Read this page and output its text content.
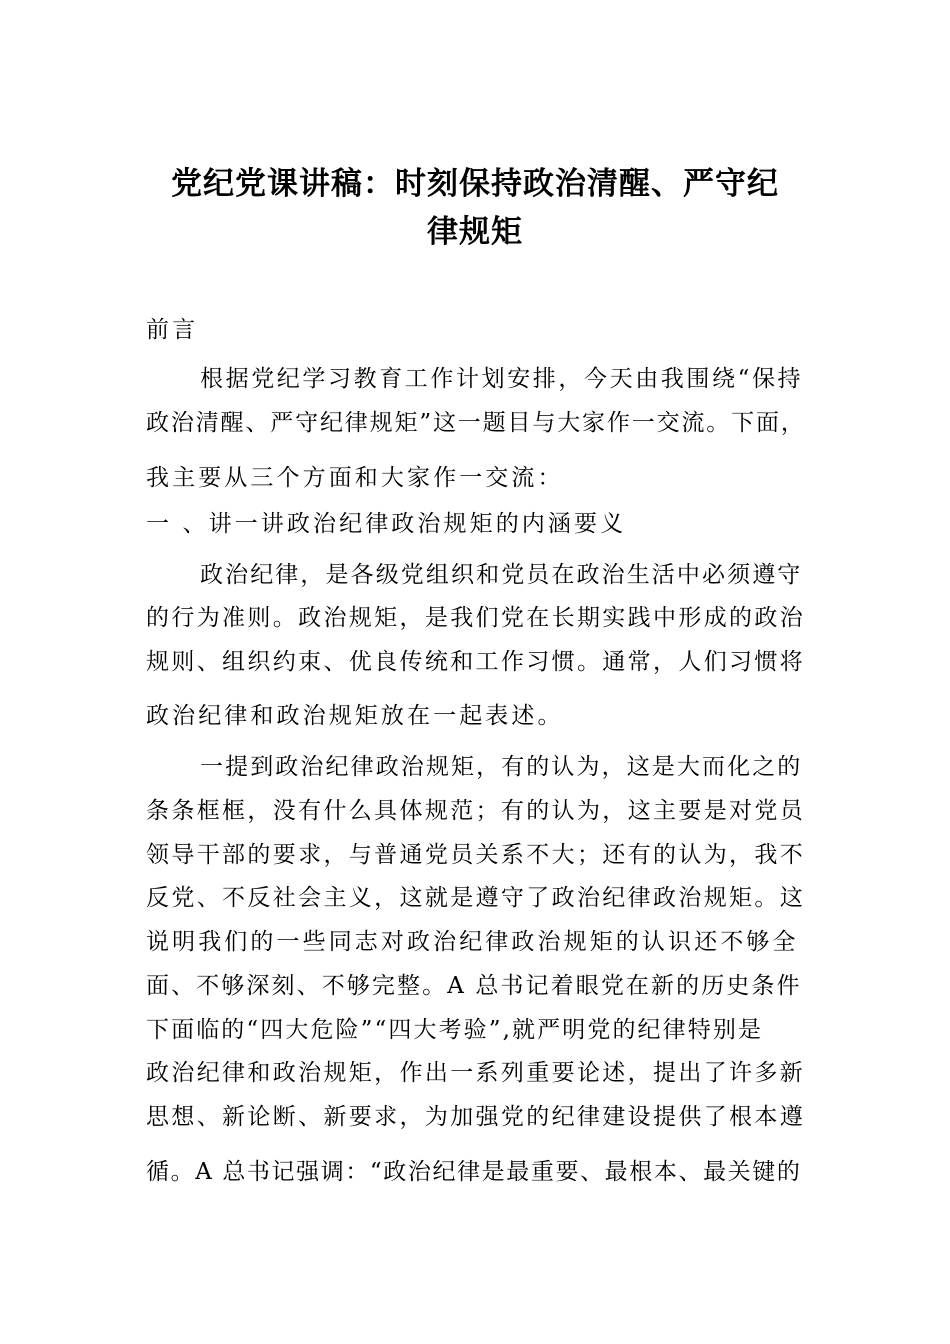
党纪党课讲稿：时刻保持政治清醒、严守纪
律规矩
前言
根据党纪学习教育工作计划安排，今天由我围绕“保持
政治清醒、严守纪律规矩”这一题目与大家作一交流。下面，
我主要从三个方面和大家作一交流：
一 、讲一讲政治纪律政治规矩的内涵要义
政治纪律，是各级党组织和党员在政治生活中必须遵守
的行为准则。政治规矩，是我们党在长期实践中形成的政治
规则、组织约束、优良传统和工作习惯。通常，人们习惯将
政治纪律和政治规矩放在一起表述。
一提到政治纪律政治规矩，有的认为，这是大而化之的
条条框框，没有什么具体规范；有的认为，这主要是对党员
领导干部的要求，与普通党员关系不大；还有的认为，我不
反党、不反社会主义，这就是遵守了政治纪律政治规矩。这
说明我们的一些同志对政治纪律政治规矩的认识还不够全
面、不够深刻、不够完整。A 总书记着眼党在新的历史条件
下面临的“四大危险”“四大考验”,就严明党的纪律特别是
政治纪律和政治规矩，作出一系列重要论述，提出了许多新
思想、新论断、新要求，为加强党的纪律建设提供了根本遵
循。A 总书记强调：“政治纪律是最重要、最根本、最关键的
